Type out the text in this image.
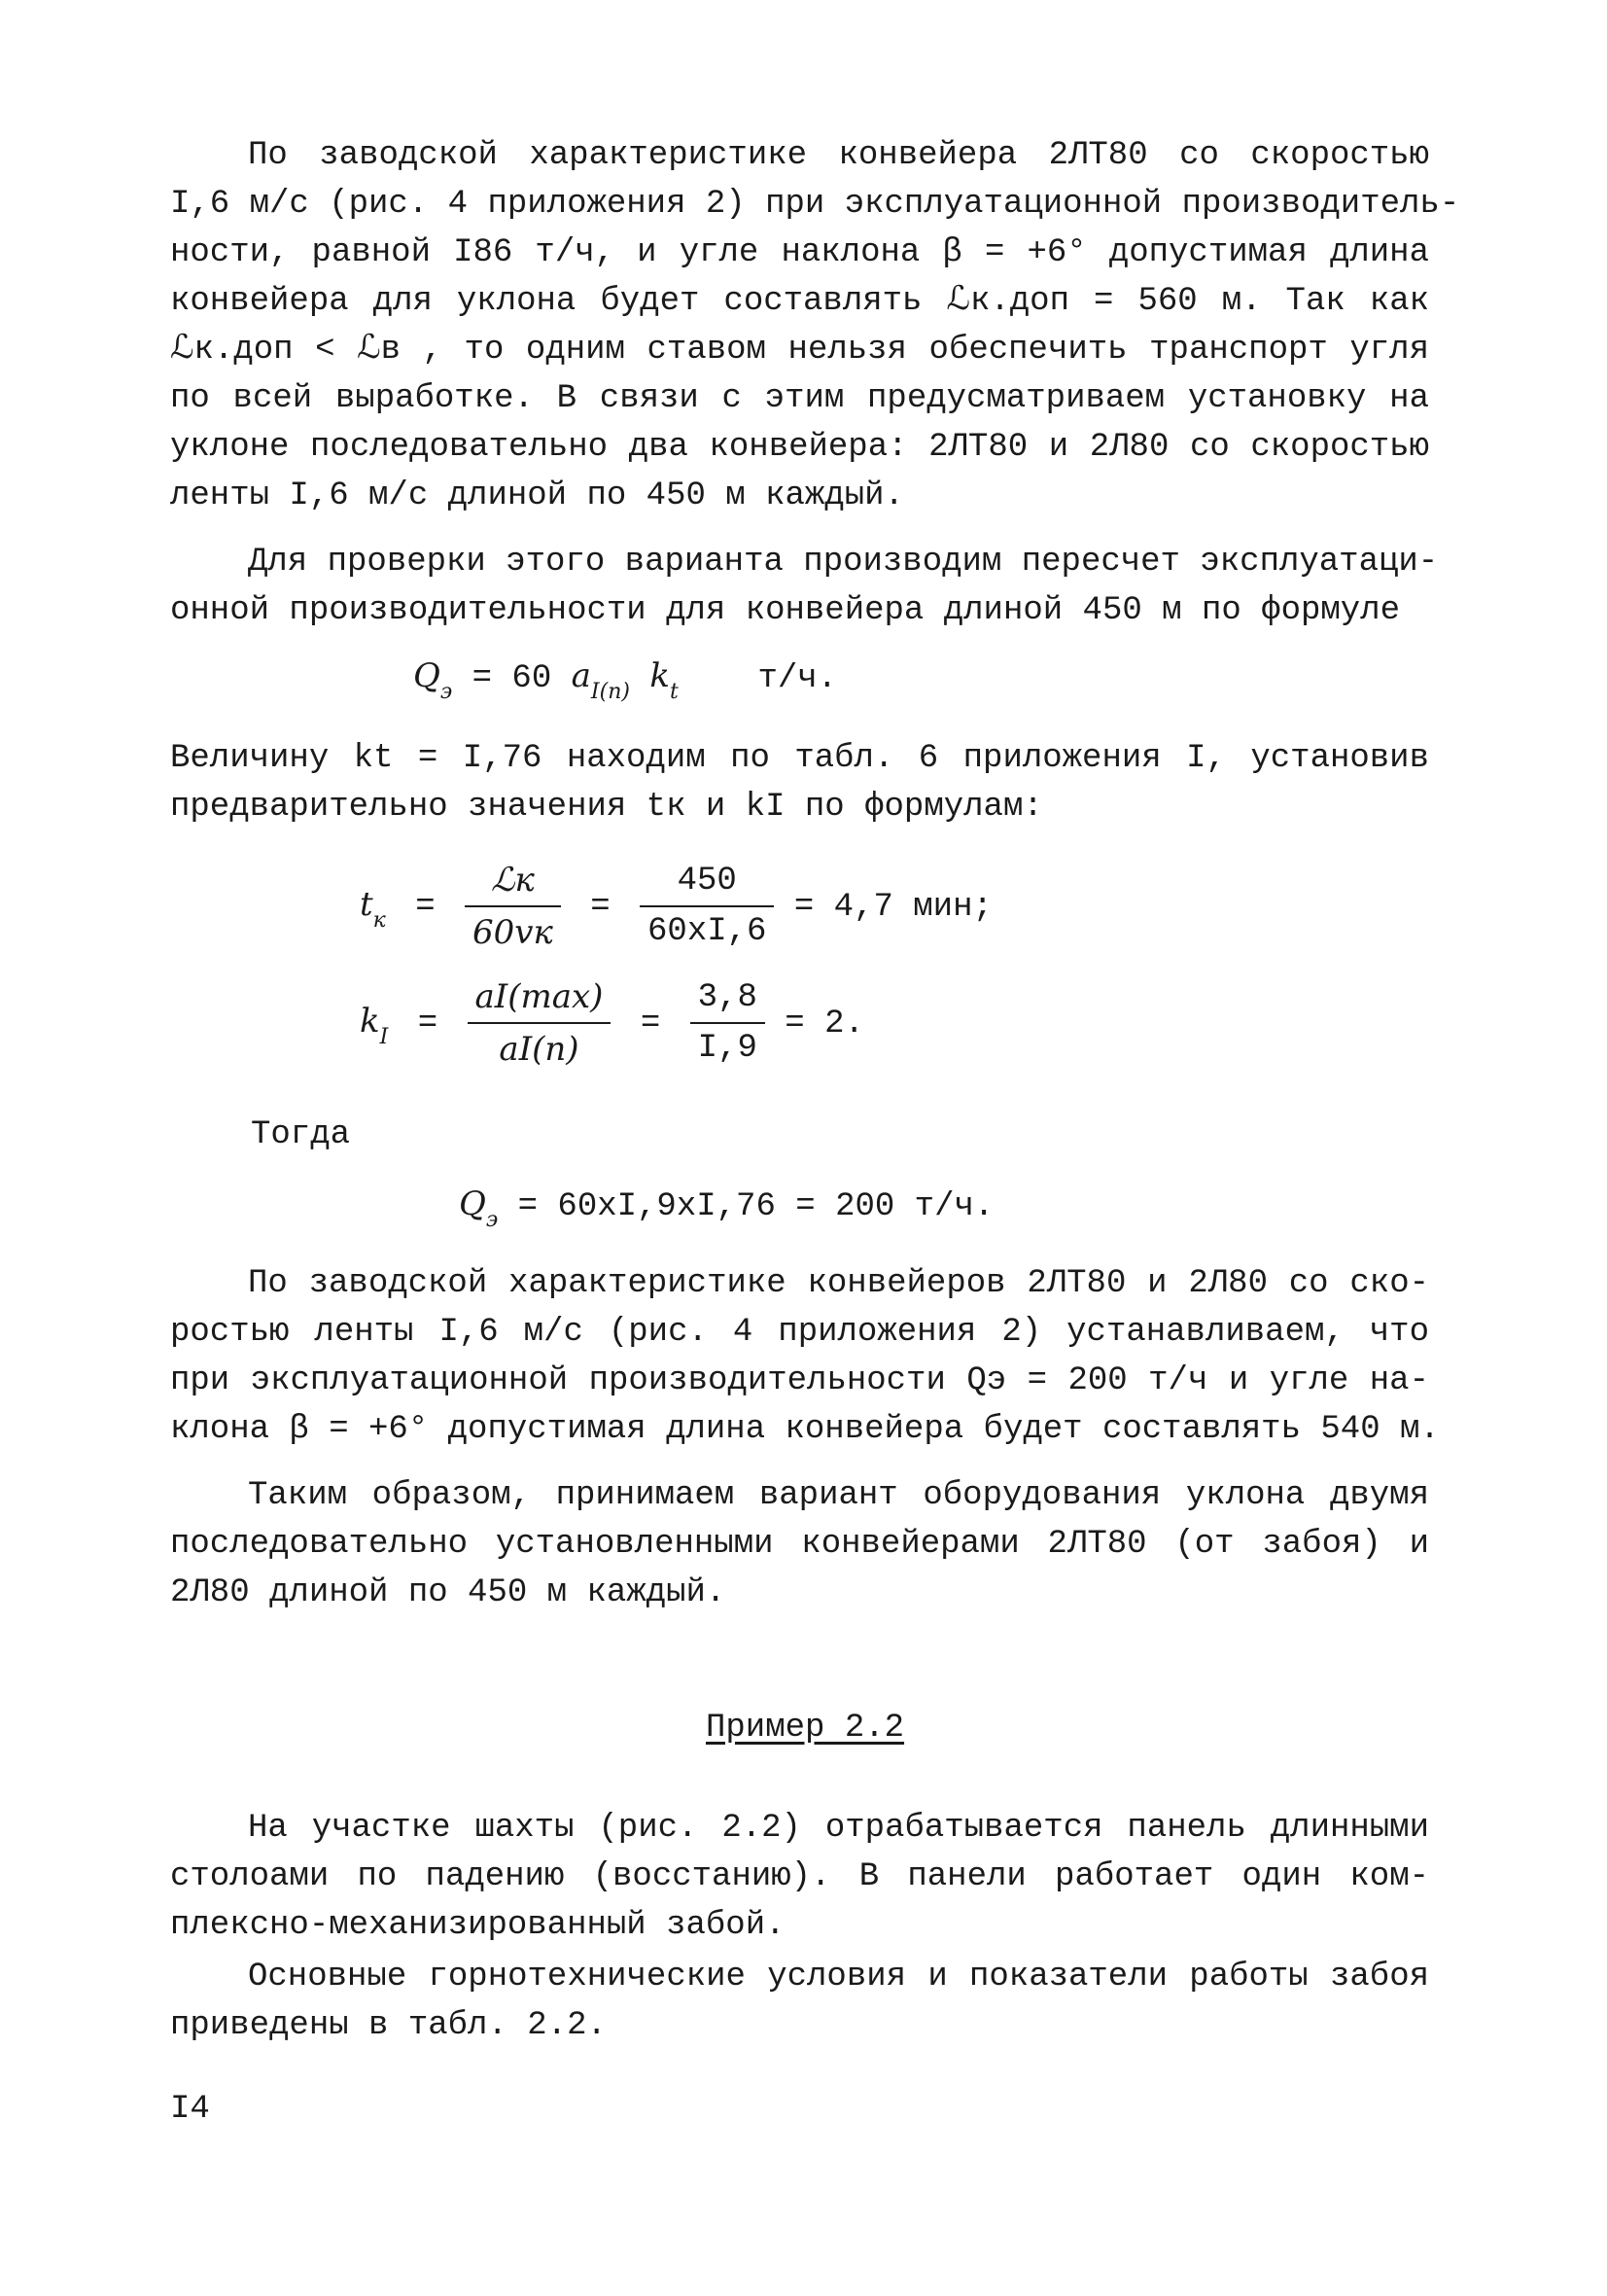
По заводской характеристике конвейера 2ЛТ80 со скоростью
I,6 м/с (рис. 4 приложения 2) при эксплуатационной производитель-
ности, равной I86 т/ч, и угле наклона β = +6° допустимая длина
конвейера для уклона будет составлять ℒк.доп = 560 м. Так как
ℒк.доп < ℒв , то одним ставом нельзя обеспечить транспорт угля
по всей выработке. В связи с этим предусматриваем установку на
уклоне последовательно два конвейера: 2ЛТ80 и 2Л80 со скоростью
ленты I,6 м/с длиной по 450 м каждый.
Для проверки этого варианта производим пересчет эксплуатаци-
онной производительности для конвейера длиной 450 м по формуле
$Q_э = 60$ $a_{I(п)}$ $k_t$ т/ч.
Величину kt = I,76 находим по табл. 6 приложения I, установив
предварительно значения tк и kI по формулам:
$t_к = \frac{\text{ℒк}}{60vк} = \frac{450}{60хI,6} = 4,7$ мин;
$k_I = \frac{aI(\max)}{aI(п)} = \frac{3,8}{I,9} = 2$.
Тогда
$Q_э = 60хI,9хI,76 = 200$ т/ч.
По заводской характеристике конвейеров 2ЛТ80 и 2Л80 со ско-
ростью ленты I,6 м/с (рис. 4 приложения 2) устанавливаем, что
при эксплуатационной производительности Qэ = 200 т/ч и угле на-
клона β = +6° допустимая длина конвейера будет составлять 540 м.
Таким образом, принимаем вариант оборудования уклона двумя
последовательно установленными конвейерами 2ЛТ80 (от забоя) и
2Л80 длиной по 450 м каждый.
Пример 2.2
На участке шахты (рис. 2.2) отрабатывается панель длинными
столоами по падению (восстанию). В панели работает один ком-
плексно-механизированный забой.
Основные горнотехнические условия и показатели работы забоя
приведены в табл. 2.2.
I4
